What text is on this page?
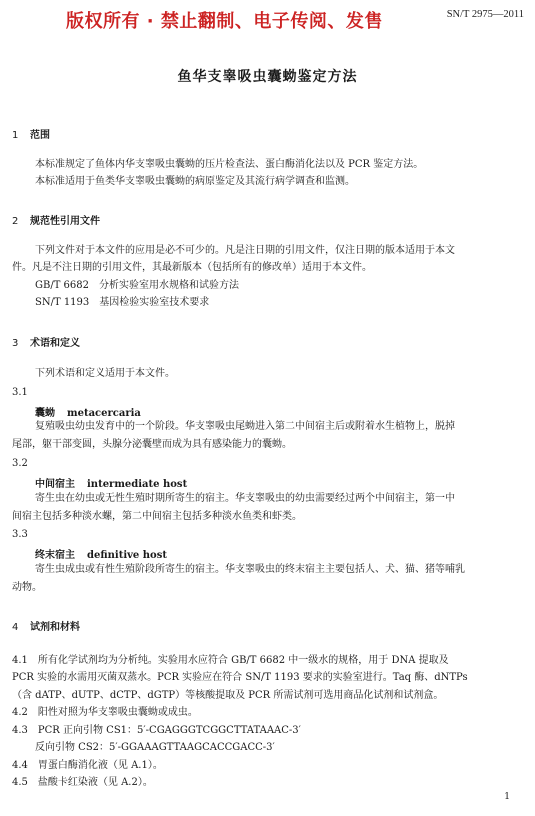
版权所有 · 禁止翻制、电子传阅、发售	SN/T 2975—2011
鱼华支睾吸虫囊蚴鉴定方法
1 范围
本标准规定了鱼体内华支睾吸虫囊蚴的压片检查法、蛋白酶消化法以及 PCR 鉴定方法。
本标准适用于鱼类华支睾吸虫囊蚴的病原鉴定及其流行病学调查和监测。
2 规范性引用文件
下列文件对于本文件的应用是必不可少的。凡是注日期的引用文件，仅注日期的版本适用于本文
件。凡是不注日期的引用文件，其最新版本（包括所有的修改单）适用于本文件。
GB/T 6682　分析实验室用水规格和试验方法
SN/T 1193　基因检验实验室技术要求
3 术语和定义
下列术语和定义适用于本文件。
3.1
囊蚴 metacercaria
复殖吸虫幼虫发育中的一个阶段。华支睾吸虫尾蚴进入第二中间宿主后或附着水生植物上，脱掉
尾部，躯干部变圆，头腺分泌囊壁而成为具有感染能力的囊蚴。
3.2
中间宿主 intermediate host
寄生虫在幼虫或无性生殖时期所寄生的宿主。华支睾吸虫的幼虫需要经过两个中间宿主，第一中
间宿主包括多种淡水螺，第二中间宿主包括多种淡水鱼类和虾类。
3.3
终末宿主 definitive host
寄生虫成虫或有性生殖阶段所寄生的宿主。华支睾吸虫的终末宿主主要包括人、犬、猫、猪等哺乳
动物。
4 试剂和材料
4.1　所有化学试剂均为分析纯。实验用水应符合 GB/T 6682 中一级水的规格，用于 DNA 提取及
PCR 实验的水需用灭菌双蒸水。PCR 实验应在符合 SN/T 1193 要求的实验室进行。Taq 酶、dNTPs
（含 dATP、dUTP、dCTP、dGTP）等核酸提取及 PCR 所需试剂可选用商品化试剂和试剂盒。
4.2　阳性对照为华支睾吸虫囊蚴或成虫。
4.3　PCR 正向引物 CS1：5′-CGAGGGTCGGCTTATAAAC-3′
反向引物 CS2：5′-GGAAAGTTAAGCACCGACC-3′
4.4　胃蛋白酶消化液（见 A.1）。
4.5　盐酸卡红染液（见 A.2）。
1
